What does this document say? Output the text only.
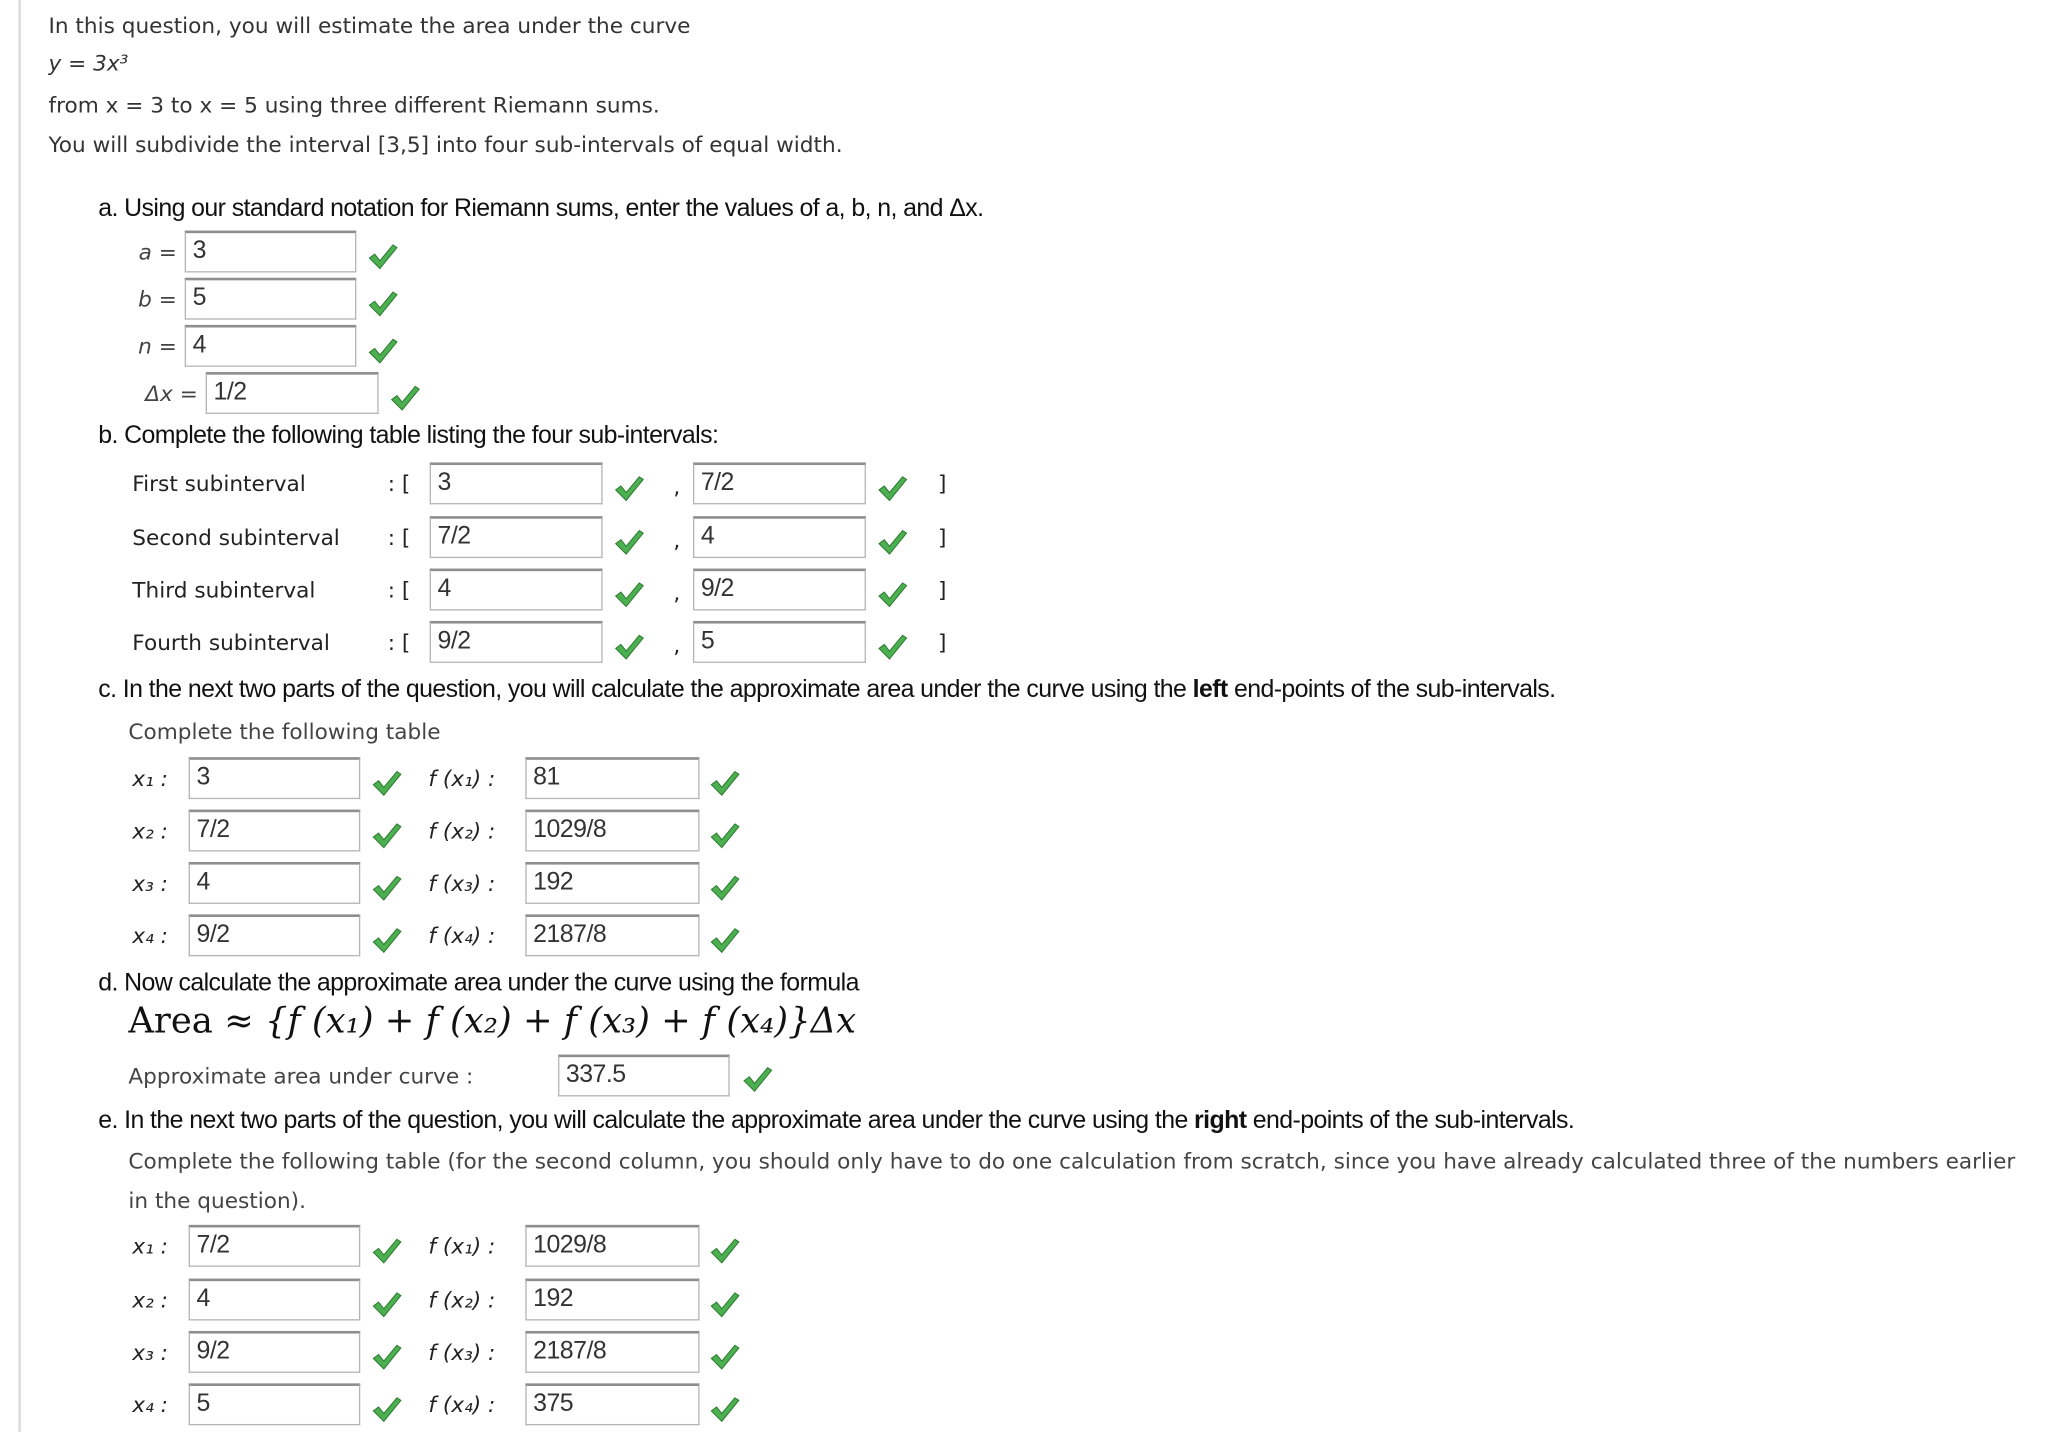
In this question, you will estimate the area under the curve
y = 3x³
from x = 3 to x = 5 using three different Riemann sums.
You will subdivide the interval [3,5] into four sub-intervals of equal width.
a. Using our standard notation for Riemann sums, enter the values of a, b, n, and Δx.
b. Complete the following table listing the four sub-intervals:
c. In the next two parts of the question, you will calculate the approximate area under the curve using the left end-points of the sub-intervals.
Complete the following table
d. Now calculate the approximate area under the curve using the formula
Area ≈ {f (x₁) + f (x₂) + f (x₃) + f (x₄)}Δx
Approximate area under curve :	337.5
e. In the next two parts of the question, you will calculate the approximate area under the curve using the right end-points of the sub-intervals.
Complete the following table (for the second column, you should only have to do one calculation from scratch, since you have already calculated three of the numbers earlier in the question).
a = 3
b = 5
n = 4
Δx = 1/2
First subinterval	: [	3	,	7/2	]
Second subinterval	: [	7/2	,	4	]
Third subinterval	: [	4	,	9/2	]
Fourth subinterval	: [	9/2	,	5	]
x₁ :	3	f (x₁) :	81
x₂ :	7/2	f (x₂) :	1029/8
x₃ :	4	f (x₃) :	192
x₄ :	9/2	f (x₄) :	2187/8
x₁ :	7/2	f (x₁) :	1029/8
x₂ :	4	f (x₂) :	192
x₃ :	9/2	f (x₃) :	2187/8
x₄ :	5	f (x₄) :	375
